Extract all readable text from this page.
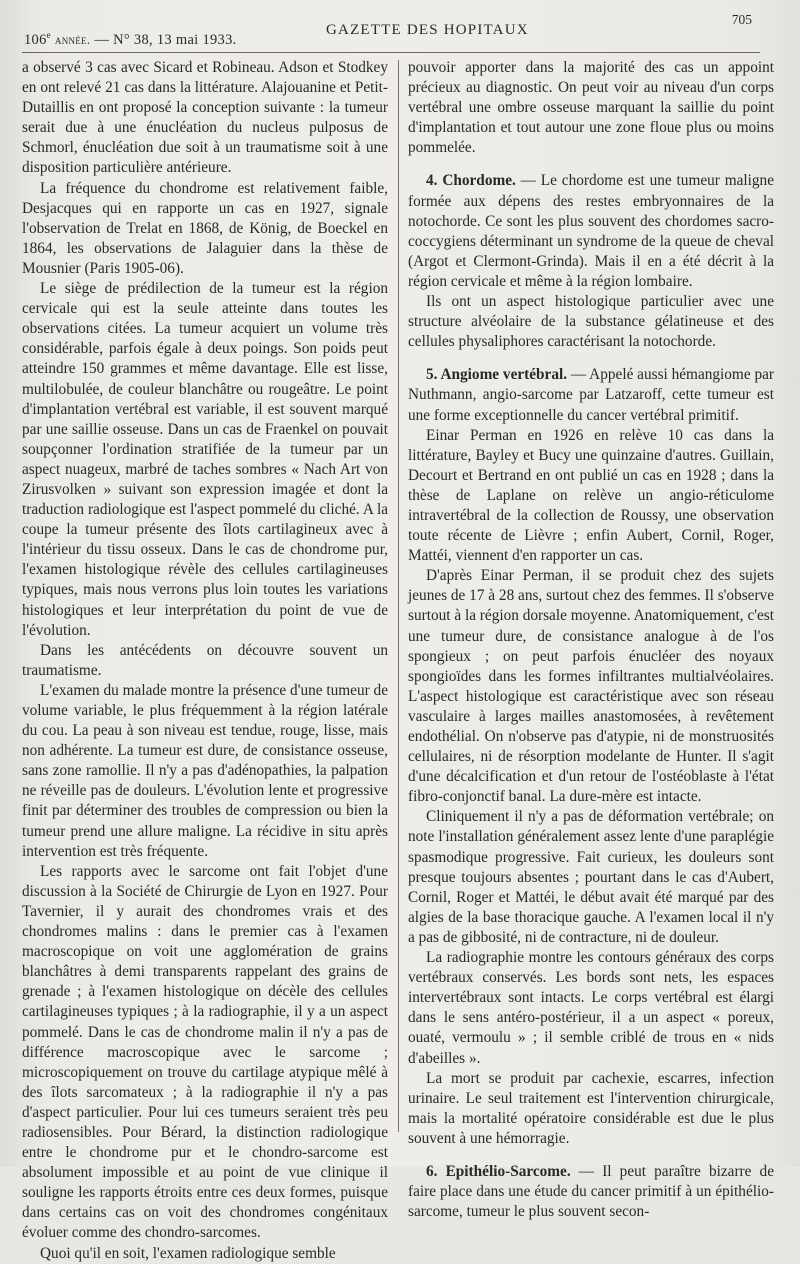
106e année. — N° 38, 13 mai 1933.
GAZETTE DES HOPITAUX
705

a observé 3 cas avec Sicard et Robineau. Adson et Stodkey en ont relevé 21 cas dans la littérature. Alajouanine et Petit-Dutaillis en ont proposé la conception suivante : la tumeur serait due à une énucléation du nucleus pulposus de Schmorl, énucléation due soit à un traumatisme soit à une disposition particulière antérieure.

La fréquence du chondrome est relativement faible, Desjacques qui en rapporte un cas en 1927, signale l'observation de Trelat en 1868, de König, de Boeckel en 1864, les observations de Jalaguier dans la thèse de Mousnier (Paris 1905-06).

Le siège de prédilection de la tumeur est la région cervicale qui est la seule atteinte dans toutes les observations citées. La tumeur acquiert un volume très considérable, parfois égale à deux poings. Son poids peut atteindre 150 grammes et même davantage. Elle est lisse, multilobulée, de couleur blanchâtre ou rougeâtre. Le point d'implantation vertébral est variable, il est souvent marqué par une saillie osseuse. Dans un cas de Fraenkel on pouvait soupçonner l'ordination stratifiée de la tumeur par un aspect nuageux, marbré de taches sombres « Nach Art von Zirusvolken » suivant son expression imagée et dont la traduction radiologique est l'aspect pommelé du cliché. A la coupe la tumeur présente des îlots cartilagineux avec à l'intérieur du tissu osseux. Dans le cas de chondrome pur, l'examen histologique révèle des cellules cartilagineuses typiques, mais nous verrons plus loin toutes les variations histologiques et leur interprétation du point de vue de l'évolution.

Dans les antécédents on découvre souvent un traumatisme.

L'examen du malade montre la présence d'une tumeur de volume variable, le plus fréquemment à la région latérale du cou. La peau à son niveau est tendue, rouge, lisse, mais non adhérente. La tumeur est dure, de consistance osseuse, sans zone ramollie. Il n'y a pas d'adénopathies, la palpation ne réveille pas de douleurs. L'évolution lente et progressive finit par déterminer des troubles de compression ou bien la tumeur prend une allure maligne. La récidive in situ après intervention est très fréquente.

Les rapports avec le sarcome ont fait l'objet d'une discussion à la Société de Chirurgie de Lyon en 1927. Pour Tavernier, il y aurait des chondromes vrais et des chondromes malins : dans le premier cas à l'examen macroscopique on voit une agglomération de grains blanchâtres à demi transparents rappelant des grains de grenade ; à l'examen histologique on décèle des cellules cartilagineuses typiques ; à la radiographie, il y a un aspect pommelé. Dans le cas de chondrome malin il n'y a pas de différence macroscopique avec le sarcome ; microscopiquement on trouve du cartilage atypique mêlé à des îlots sarcomateux ; à la radiographie il n'y a pas d'aspect particulier. Pour lui ces tumeurs seraient très peu radiosensibles. Pour Bérard, la distinction radiologique entre le chondrome pur et le chondro-sarcome est absolument impossible et au point de vue clinique il souligne les rapports étroits entre ces deux formes, puisque dans certains cas on voit des chondromes congénitaux évoluer comme des chondro-sarcomes.

Quoi qu'il en soit, l'examen radiologique semble

pouvoir apporter dans la majorité des cas un appoint précieux au diagnostic. On peut voir au niveau d'un corps vertébral une ombre osseuse marquant la saillie du point d'implantation et tout autour une zone floue plus ou moins pommelée.

4. Chordome. — Le chordome est une tumeur maligne formée aux dépens des restes embryonnaires de la notochorde. Ce sont les plus souvent des chordomes sacro-coccygiens déterminant un syndrome de la queue de cheval (Argot et Clermont-Grinda). Mais il en a été décrit à la région cervicale et même à la région lombaire.

Ils ont un aspect histologique particulier avec une structure alvéolaire de la substance gélatineuse et des cellules physaliphores caractérisant la notochorde.

5. Angiome vertébral. — Appelé aussi hémangiome par Nuthmann, angio-sarcome par Latzaroff, cette tumeur est une forme exceptionnelle du cancer vertébral primitif.

Einar Perman en 1926 en relève 10 cas dans la littérature, Bayley et Bucy une quinzaine d'autres. Guillain, Decourt et Bertrand en ont publié un cas en 1928 ; dans la thèse de Laplane on relève un angio-réticulome intravertébral de la collection de Roussy, une observation toute récente de Lièvre ; enfin Aubert, Cornil, Roger, Mattéi, viennent d'en rapporter un cas.

D'après Einar Perman, il se produit chez des sujets jeunes de 17 à 28 ans, surtout chez des femmes. Il s'observe surtout à la région dorsale moyenne. Anatomiquement, c'est une tumeur dure, de consistance analogue à de l'os spongieux ; on peut parfois énucléer des noyaux spongioïdes dans les formes infiltrantes multialvéolaires. L'aspect histologique est caractéristique avec son réseau vasculaire à larges mailles anastomosées, à revêtement endothélial. On n'observe pas d'atypie, ni de monstruosités cellulaires, ni de résorption modelante de Hunter. Il s'agit d'une décalcification et d'un retour de l'ostéoblaste à l'état fibro-conjonctif banal. La dure-mère est intacte.

Cliniquement il n'y a pas de déformation vertébrale; on note l'installation généralement assez lente d'une paraplégie spasmodique progressive. Fait curieux, les douleurs sont presque toujours absentes ; pourtant dans le cas d'Aubert, Cornil, Roger et Mattéi, le début avait été marqué par des algies de la base thoracique gauche. A l'examen local il n'y a pas de gibbosité, ni de contracture, ni de douleur.

La radiographie montre les contours généraux des corps vertébraux conservés. Les bords sont nets, les espaces intervertébraux sont intacts. Le corps vertébral est élargi dans le sens antéro-postérieur, il a un aspect « poreux, ouaté, vermoulu » ; il semble criblé de trous en « nids d'abeilles ».

La mort se produit par cachexie, escarres, infection urinaire. Le seul traitement est l'intervention chirurgicale, mais la mortalité opératoire considérable est due le plus souvent à une hémorragie.

6. Epithélio-Sarcome. — Il peut paraître bizarre de faire place dans une étude du cancer primitif à un épithélio-sarcome, tumeur le plus souvent secon-
